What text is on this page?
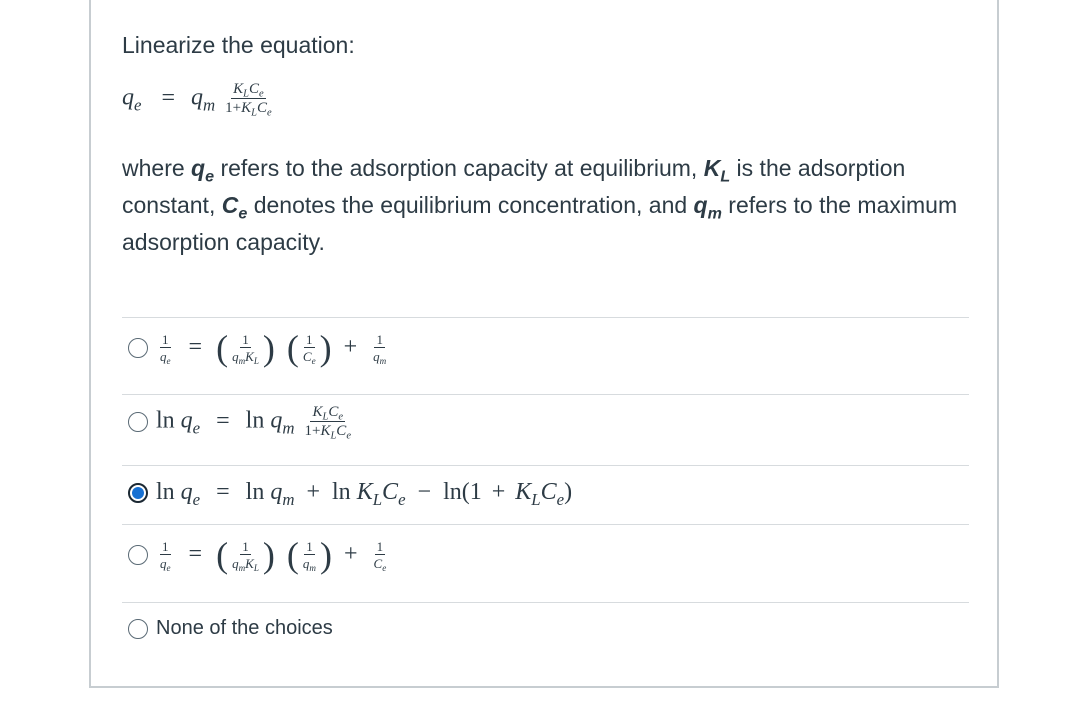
Linearize the equation:
$q_e = q_m \frac{K_LC_e}{1+K_LC_e}$
where $q_e$ refers to the adsorption capacity at equilibrium, $K_L$ is the adsorption constant, $C_e$ denotes the equilibrium concentration, and $q_m$ refers to the maximum adsorption capacity.
$\frac{1}{q_e}$ = ( $\frac{1}{q_mK_L}$ ) ( $\frac{1}{C_e}$ ) + $\frac{1}{q_m}$
$\ln q_e = \ln q_m \frac{K_LC_e}{1+K_LC_e}$
$\ln q_e = \ln q_m + \ln K_LC_e - \ln(1 + K_LC_e)$
$\frac{1}{q_e}$ = ( $\frac{1}{q_mK_L}$ ) ( $\frac{1}{q_m}$ ) + $\frac{1}{C_e}$
None of the choices
